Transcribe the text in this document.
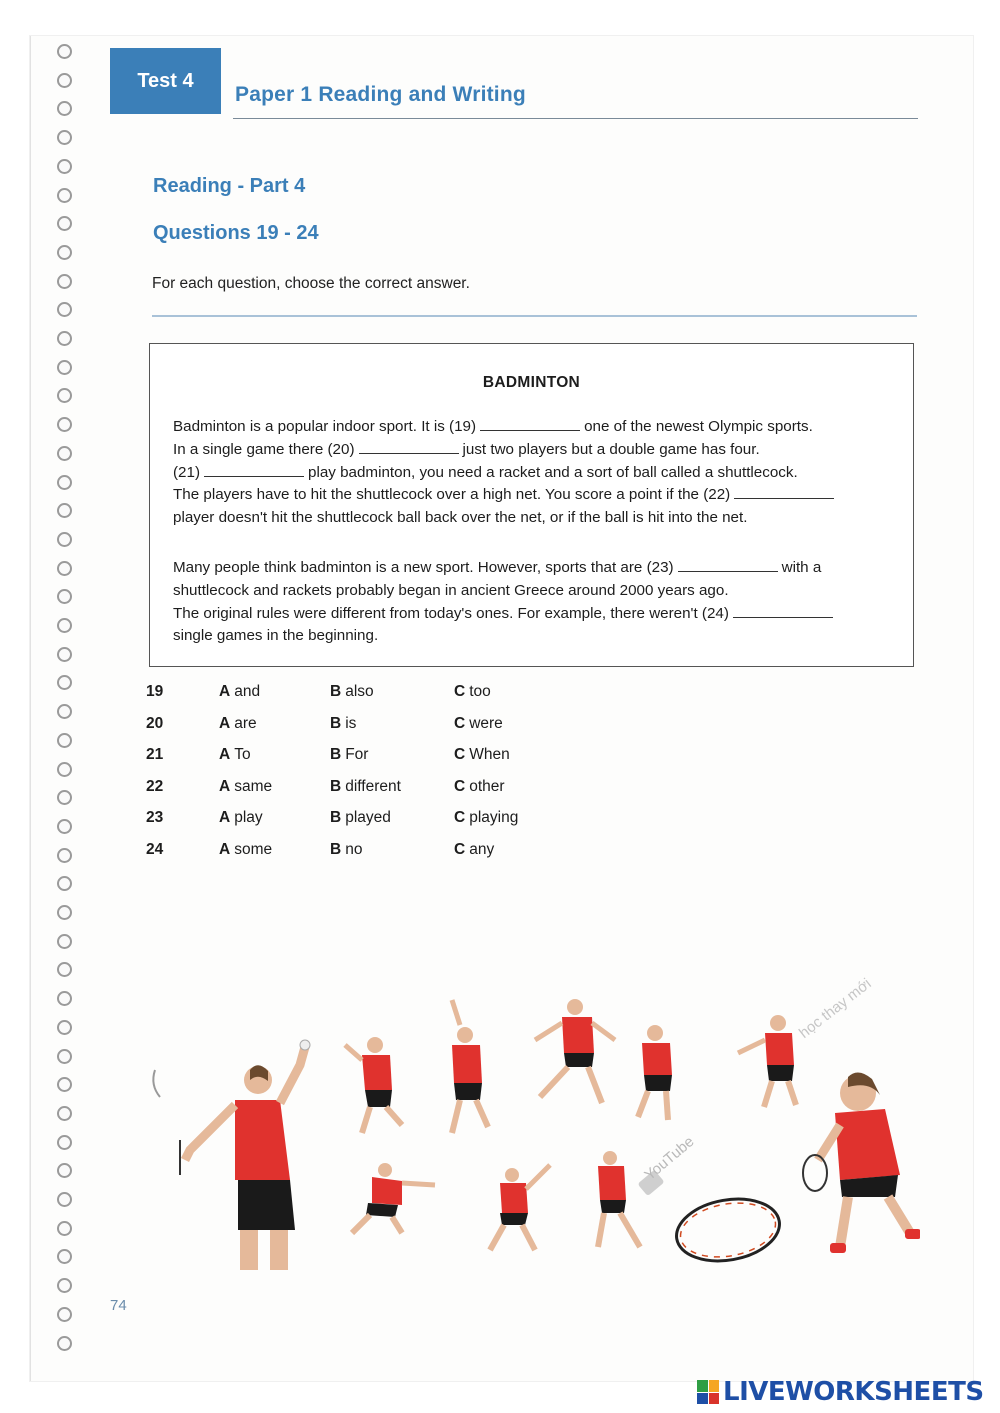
Test 4
Paper 1 Reading and Writing
Reading - Part 4
Questions 19 - 24
For each question, choose the correct answer.
BADMINTON

Badminton is a popular indoor sport. It is (19)	one of the newest Olympic sports.

In a single game there (20)	just two players but a double game has four.

(21)	play badminton, you need a racket and a sort of ball called a shuttlecock.

The players have to hit the shuttlecock over a high net. You score a point if the (22)

player doesn't hit the shuttlecock ball back over the net, or if the ball is hit into the net.

Many people think badminton is a new sport. However, sports that are (23)	with a

shuttlecock and rackets probably began in ancient Greece around 2000 years ago.

The original rules were different from today's ones. For example, there weren't (24)

single games in the beginning.

19	A and	B also	C too
20	A are	B is	C were
21	A To	B For	C When
22	A same	B different	C other
23	A play	B played	C playing
24	A some	B no	C any
YouTube
học thay mới
74
LIVEWORKSHEETS
